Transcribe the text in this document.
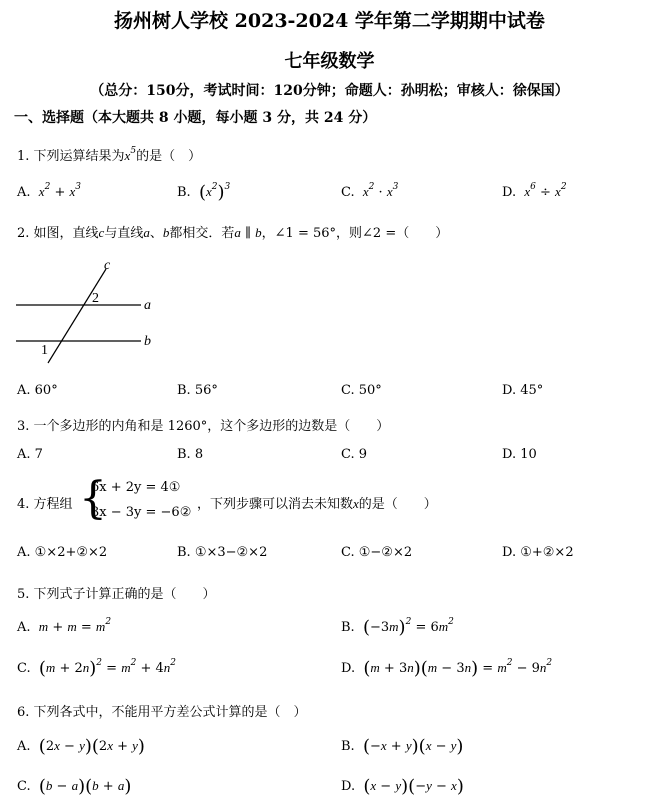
扬州树人学校 2023-2024 学年第二学期期中试卷
七年级数学
（总分：150分，考试时间：120分钟；命题人：孙明松；审核人：徐保国）
一、选择题（本大题共 8 小题，每小题 3 分，共 24 分）
1. 下列运算结果为$x^5$的是（　）
A. $x^2 + x^3$	B. $(x^2)^3$	C. $x^2 \cdot x^3$	D. $x^6 \div x^2$
2. 如图，直线c与直线a、b都相交．若a ∥ b，∠1 = 56°，则∠2 =（　　）
c
a
b
2
1
A. 60°	B. 56°	C. 50°	D. 45°
3. 一个多边形的内角和是 1260°，这个多边形的边数是（　　）
A. 7	B. 8	C. 9	D. 10
4. 方程组 {
6x + 2y = 4①
3x − 3y = −6②
，下列步骤可以消去未知数x的是（　　）
A. ①×2+②×2	B. ①×3−②×2	C. ①−②×2	D. ①+②×2
5. 下列式子计算正确的是（　　）
A. $m + m = m^2$	B. $(-3m)^2 = 6m^2$
C. $(m + 2n)^2 = m^2 + 4n^2$	D. $(m + 3n)(m - 3n) = m^2 - 9n^2$
6. 下列各式中，不能用平方差公式计算的是（　）
A. (2x − y)(2x + y)	B. (−x + y)(x − y)
C. (b − a)(b + a)	D. (x − y)(−y − x)
